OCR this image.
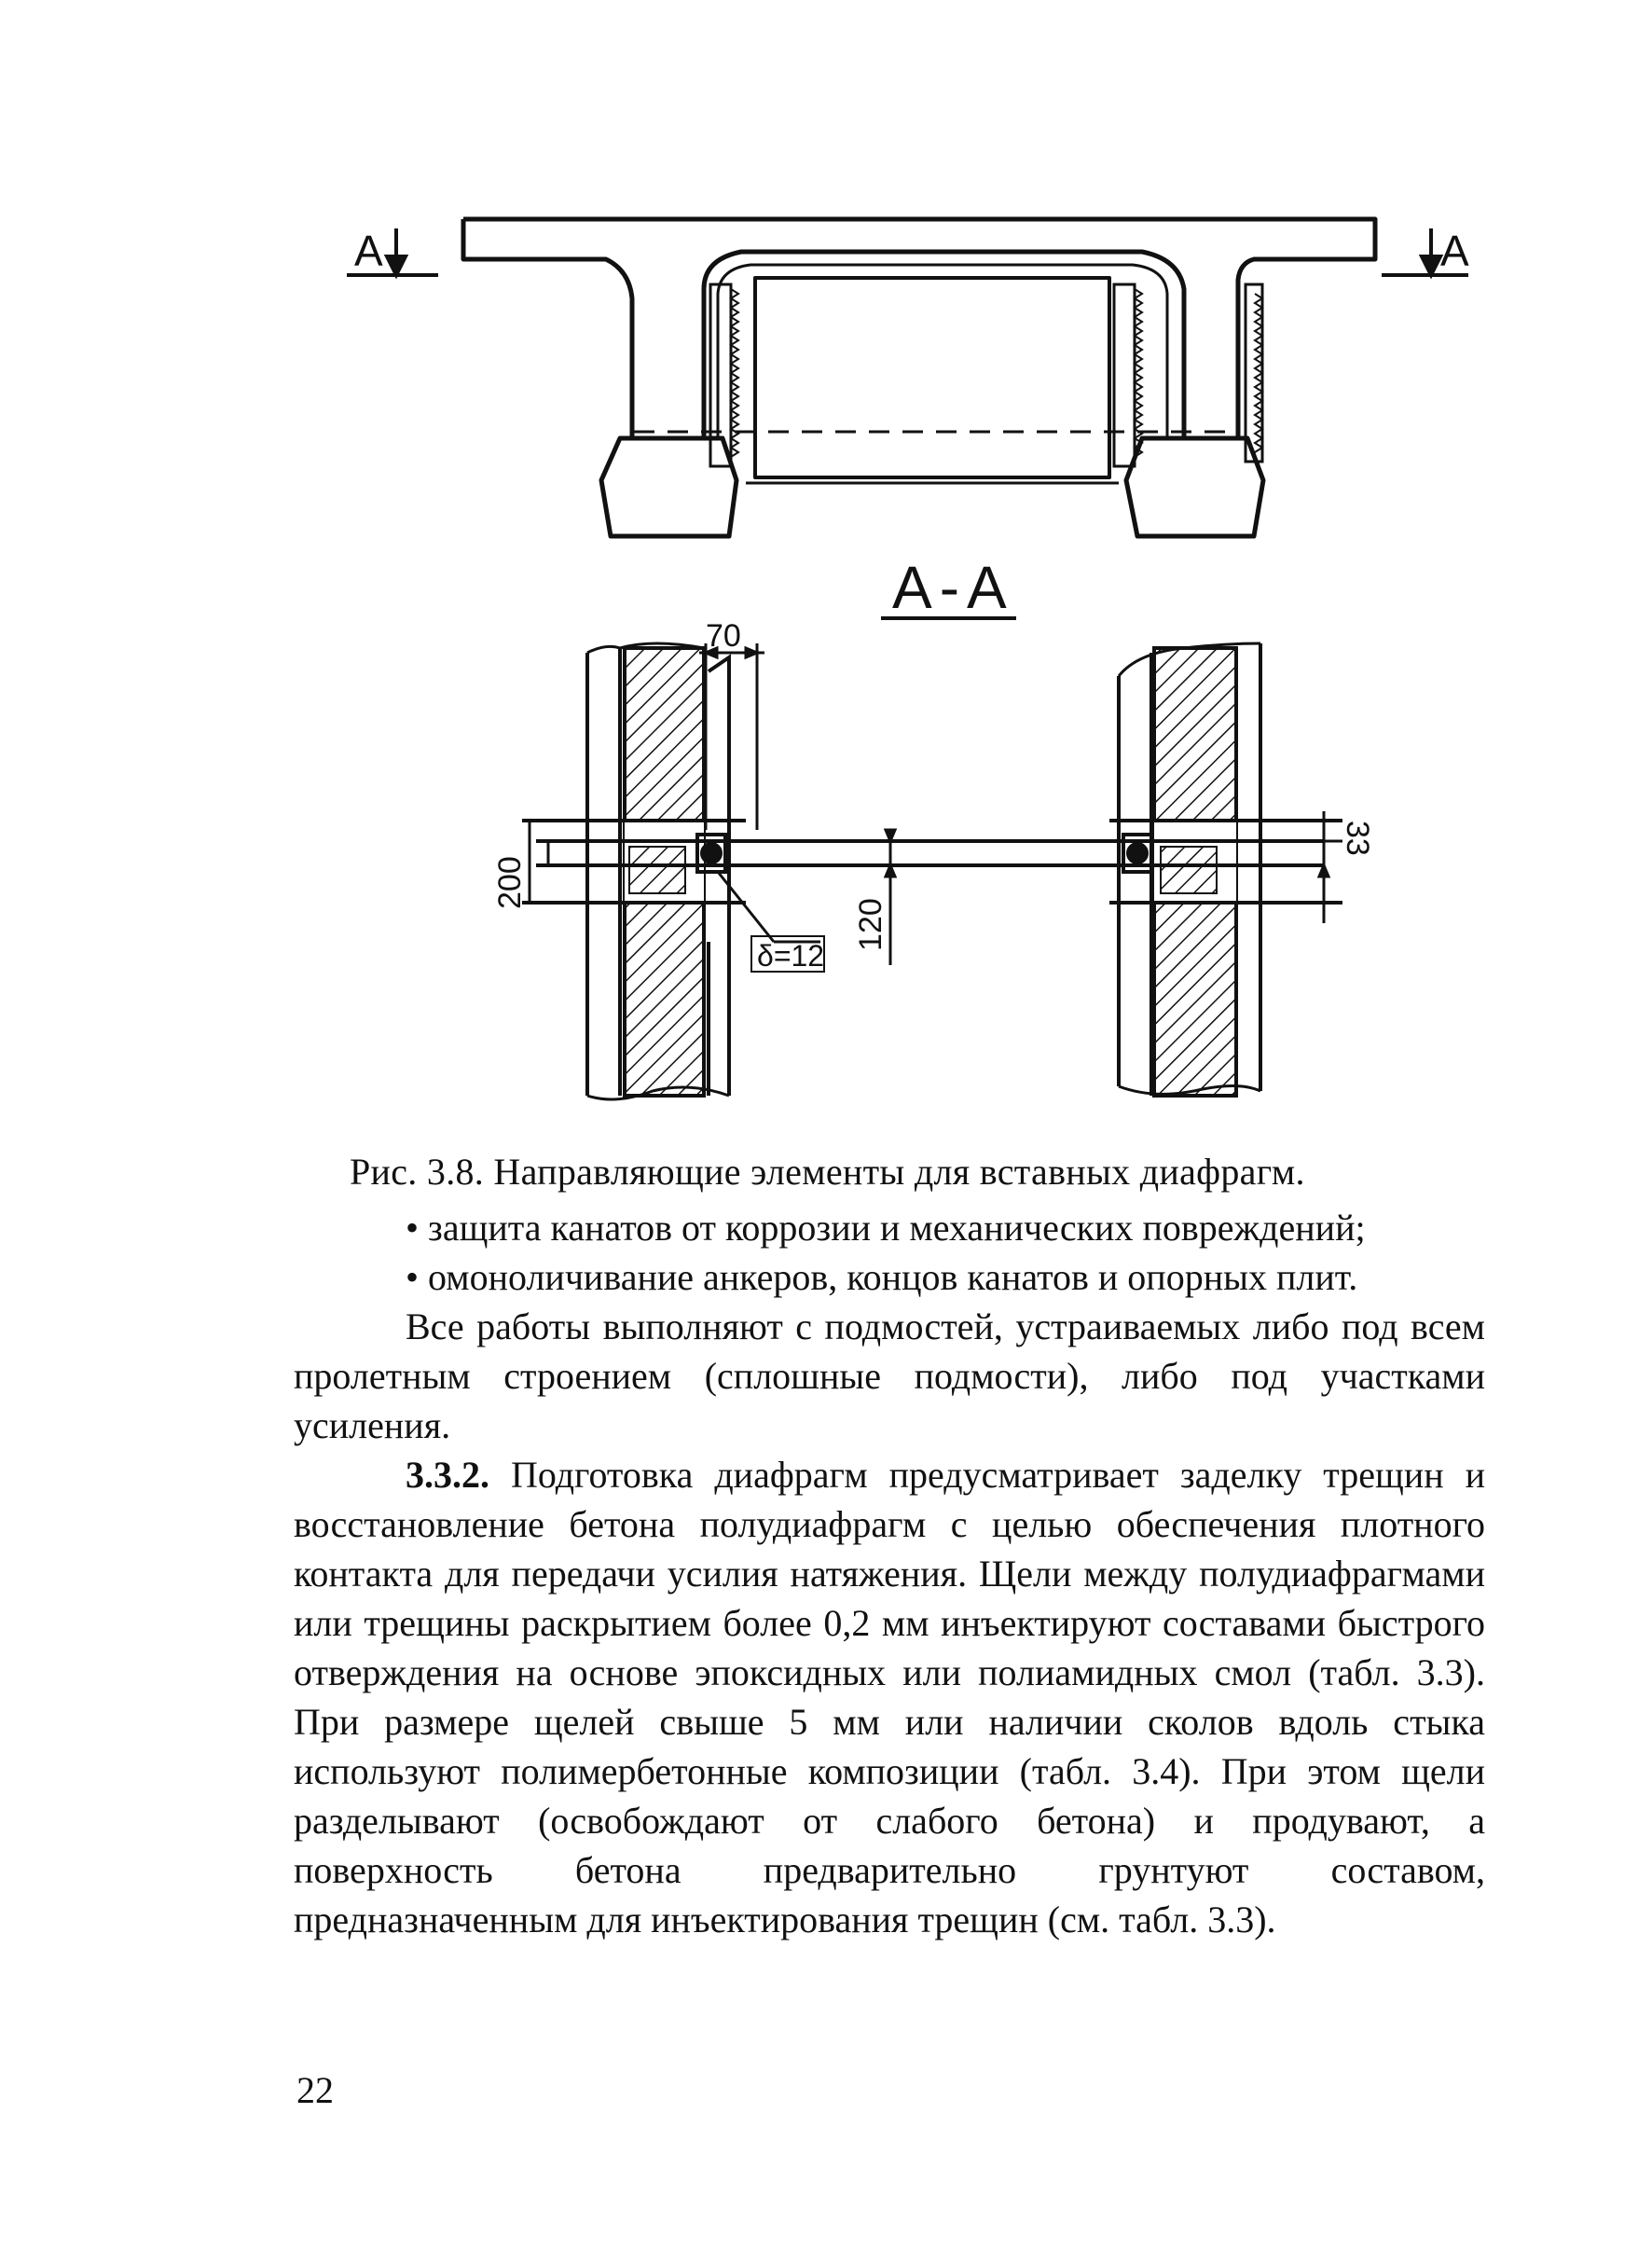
А	А
А-А
70
200
120
33
δ=12
Рис. 3.8. Направляющие элементы для вставных диафрагм.
• защита канатов от коррозии и механических повреждений;
• омоноличивание анкеров, концов канатов и опорных плит.

Все работы выполняют с подмостей, устраиваемых либо под всем пролетным строением (сплошные подмости), либо под участками усиления.

3.3.2. Подготовка диафрагм предусматривает заделку трещин и восстановление бетона полудиафрагм с целью обеспечения плотного контакта для передачи усилия натяжения. Щели между полудиафрагмами или трещины раскрытием более 0,2 мм инъектируют составами быстрого отверждения на основе эпоксидных или полиамидных смол (табл. 3.3). При размере щелей свыше 5 мм или наличии сколов вдоль стыка используют полимербетонные композиции (табл. 3.4). При этом щели разделывают (освобождают от слабого бетона) и продувают, а поверхность бетона предварительно грунтуют составом, предназначенным для инъектирования трещин (см. табл. 3.3).

22
